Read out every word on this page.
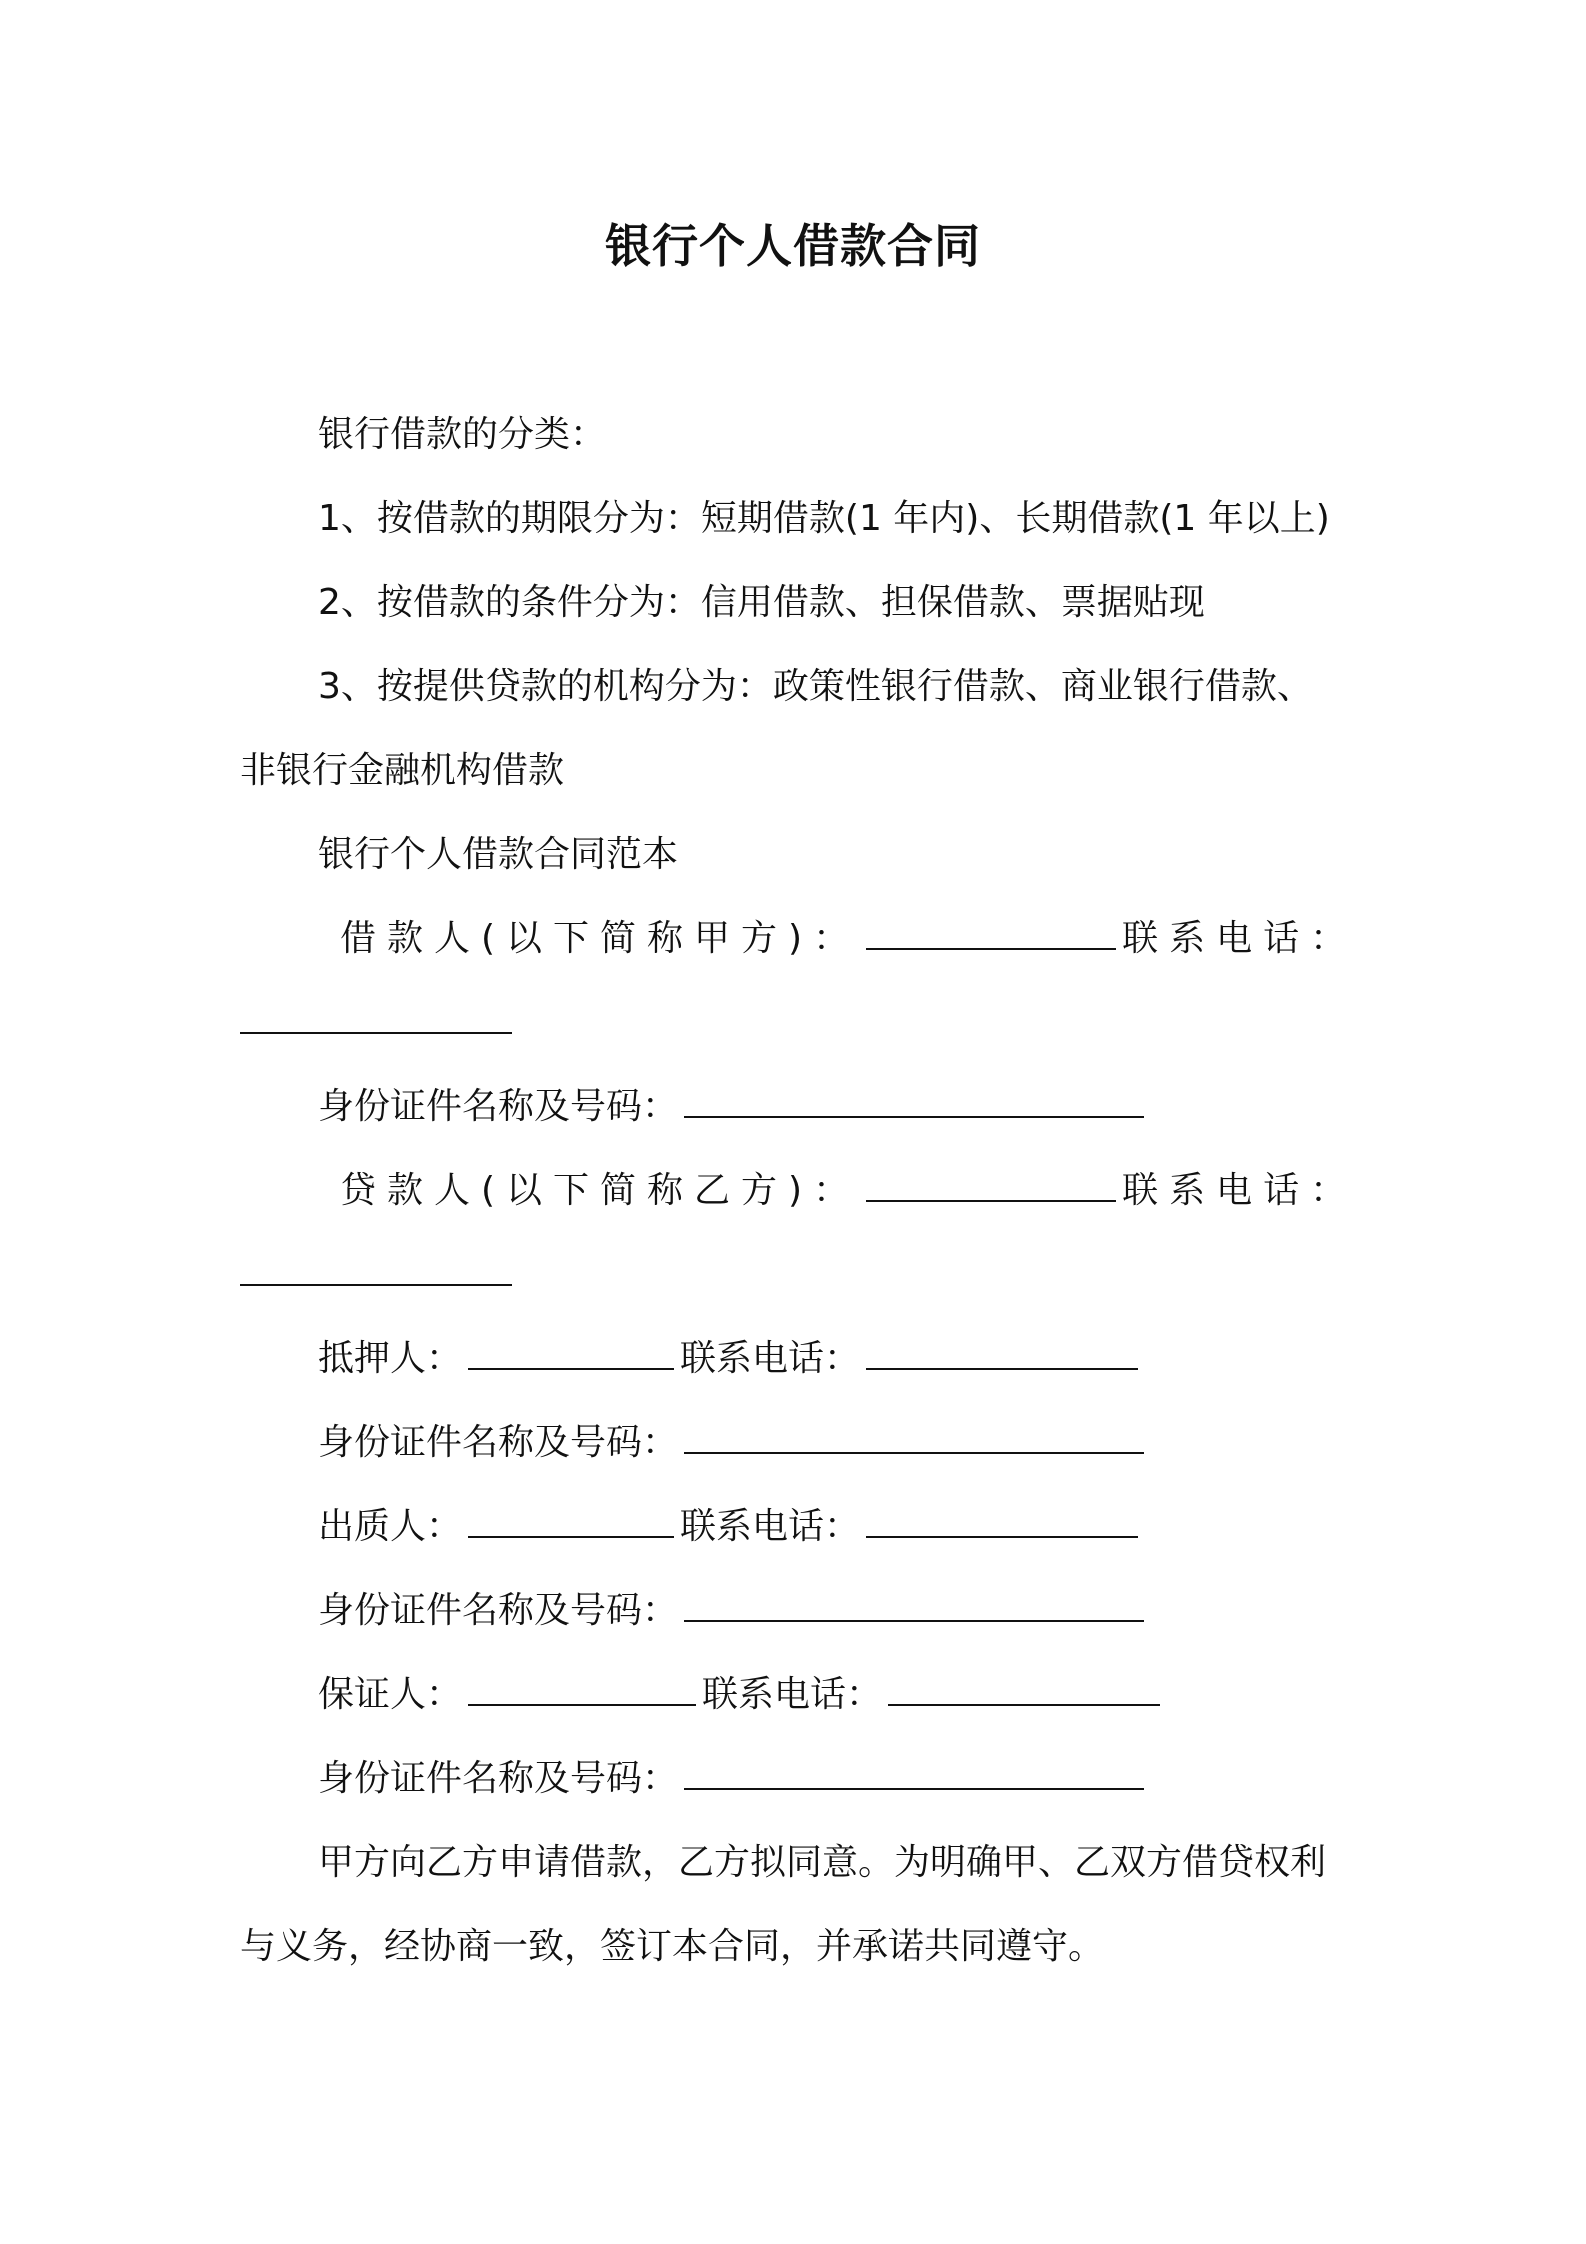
银行个人借款合同
银行借款的分类：
1、按借款的期限分为：短期借款(1 年内)、长期借款(1 年以上)
2、按借款的条件分为：信用借款、担保借款、票据贴现
3、按提供贷款的机构分为：政策性银行借款、商业银行借款、
非银行金融机构借款
银行个人借款合同范本
借款人(以下简称甲方)：	联系电话：
身份证件名称及号码：
贷款人(以下简称乙方)：	联系电话：
抵押人：	联系电话：
身份证件名称及号码：
出质人：	联系电话：
身份证件名称及号码：
保证人：	联系电话：
身份证件名称及号码：
甲方向乙方申请借款，乙方拟同意。为明确甲、乙双方借贷权利
与义务，经协商一致，签订本合同，并承诺共同遵守。
